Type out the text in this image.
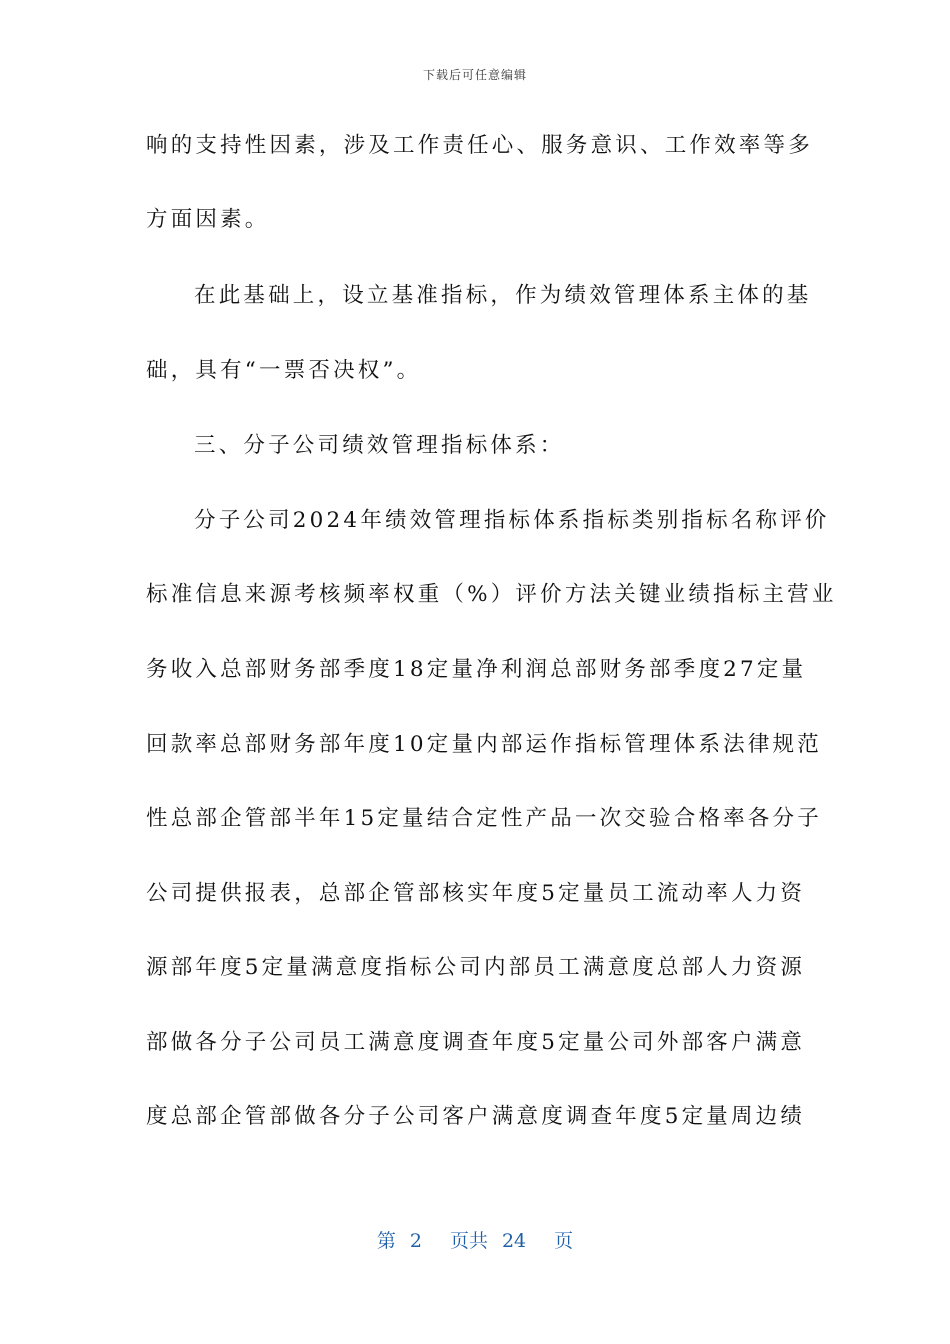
下载后可任意编辑
响的支持性因素，涉及工作责任心、服务意识、工作效率等多
方面因素。
在此基础上，设立基准指标，作为绩效管理体系主体的基
础，具有“一票否决权”。
三、分子公司绩效管理指标体系：
分子公司2024年绩效管理指标体系指标类别指标名称评价
标准信息来源考核频率权重（%）评价方法关键业绩指标主营业
务收入总部财务部季度18定量净利润总部财务部季度27定量
回款率总部财务部年度10定量内部运作指标管理体系法律规范
性总部企管部半年15定量结合定性产品一次交验合格率各分子
公司提供报表，总部企管部核实年度5定量员工流动率人力资
源部年度5定量满意度指标公司内部员工满意度总部人力资源
部做各分子公司员工满意度调查年度5定量公司外部客户满意
度总部企管部做各分子公司客户满意度调查年度5定量周边绩
第 2 页共 24 页
